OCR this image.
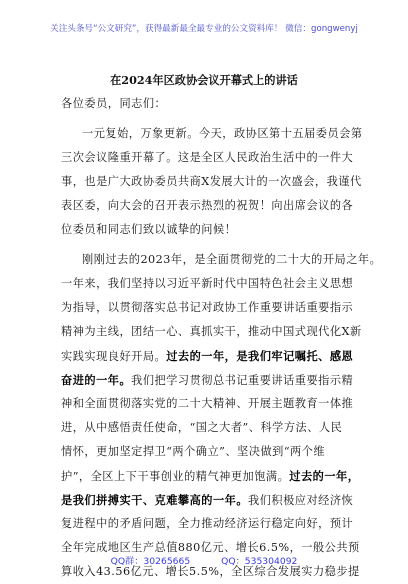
关注头条号“公文研究”，获得最新最全最专业的公文资料库！ 微信：gongwenyj
在2024年区政协会议开幕式上的讲话
各位委员，同志们：
一元复始，万象更新。今天，政协区第十五届委员会第
三次会议隆重开幕了。这是全区人民政治生活中的一件大
事，也是广大政协委员共商X发展大计的一次盛会，我谨代
表区委，向大会的召开表示热烈的祝贺！向出席会议的各
位委员和同志们致以诚挚的问候！
刚刚过去的2023年，是全面贯彻党的二十大的开局之年。
一年来，我们坚持以习近平新时代中国特色社会主义思想
为指导，以贯彻落实总书记对政协工作重要讲话重要指示
精神为主线，团结一心、真抓实干，推动中国式现代化X新
实践实现良好开局。过去的一年，是我们牢记嘱托、感恩
奋进的一年。我们把学习贯彻总书记重要讲话重要指示精
神和全面贯彻落实党的二十大精神、开展主题教育一体推
进，从中感悟责任使命，“国之大者”、科学方法、人民
情怀，更加坚定捍卫“两个确立”、坚决做到“两个维
护”，全区上下干事创业的精气神更加饱满。过去的一年，
是我们拼搏实干、克难攀高的一年。我们积极应对经济恢
复进程中的矛盾问题，全力推动经济运行稳定向好，预计
全年完成地区生产总值880亿元、增长6.5%，一般公共预
算收入43.56亿元、增长5.5%，全区综合发展实力稳步提
QQ群：30265665	QQ：535304092
